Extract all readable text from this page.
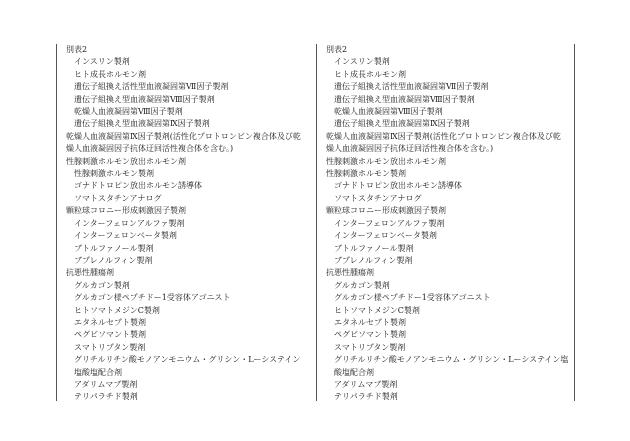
別表2
インスリン製剤
ヒト成長ホルモン剤
遺伝子組換え活性型血液凝固第Ⅶ因子製剤
遺伝子組換え型血液凝固第Ⅷ因子製剤
乾燥人血液凝固第Ⅷ因子製剤
遺伝子組換え型血液凝固第Ⅸ因子製剤
乾燥人血液凝固第Ⅸ因子製剤(活性化プロトロンビン複合体及び乾燥人血液凝固因子抗体迂回活性複合体を含む。)
性腺刺激ホルモン放出ホルモン剤
性腺刺激ホルモン製剤
ゴナドトロピン放出ホルモン誘導体
ソマトスタチンアナログ
顆粒球コロニー形成刺激因子製剤
インターフェロンアルファ製剤
インターフェロンベータ製剤
ブトルファノール製剤
ブプレノルフィン製剤
抗悪性腫瘍剤
グルカゴン製剤
グルカゴン様ペプチドー1受容体アゴニスト
ヒトソマトメジンC製剤
エタネルセプト製剤
ペグビソマント製剤
スマトリプタン製剤
グリチルリチン酸モノアンモニウム・グリシン・Lーシステイン塩酸塩配合剤
アダリムマブ製剤
テリパラチド製剤
別表2
インスリン製剤
ヒト成長ホルモン剤
遺伝子組換え活性型血液凝固第Ⅶ因子製剤
遺伝子組換え型血液凝固第Ⅷ因子製剤
乾燥人血液凝固第Ⅷ因子製剤
遺伝子組換え型血液凝固第Ⅸ因子製剤
乾燥人血液凝固第Ⅸ因子製剤(活性化プロトロンビン複合体及び乾燥人血液凝固因子抗体迂回活性複合体を含む。)
性腺刺激ホルモン放出ホルモン剤
性腺刺激ホルモン製剤
ゴナドトロピン放出ホルモン誘導体
ソマトスタチンアナログ
顆粒球コロニー形成刺激因子製剤
インターフェロンアルファ製剤
インターフェロンベータ製剤
ブトルファノール製剤
ブプレノルフィン製剤
抗悪性腫瘍剤
グルカゴン製剤
グルカゴン様ペプチドー1受容体アゴニスト
ヒトソマトメジンC製剤
エタネルセプト製剤
ペグビソマント製剤
スマトリプタン製剤
グリチルリチン酸モノアンモニウム・グリシン・Lーシステイン塩酸塩配合剤
アダリムマブ製剤
テリパラチド製剤
